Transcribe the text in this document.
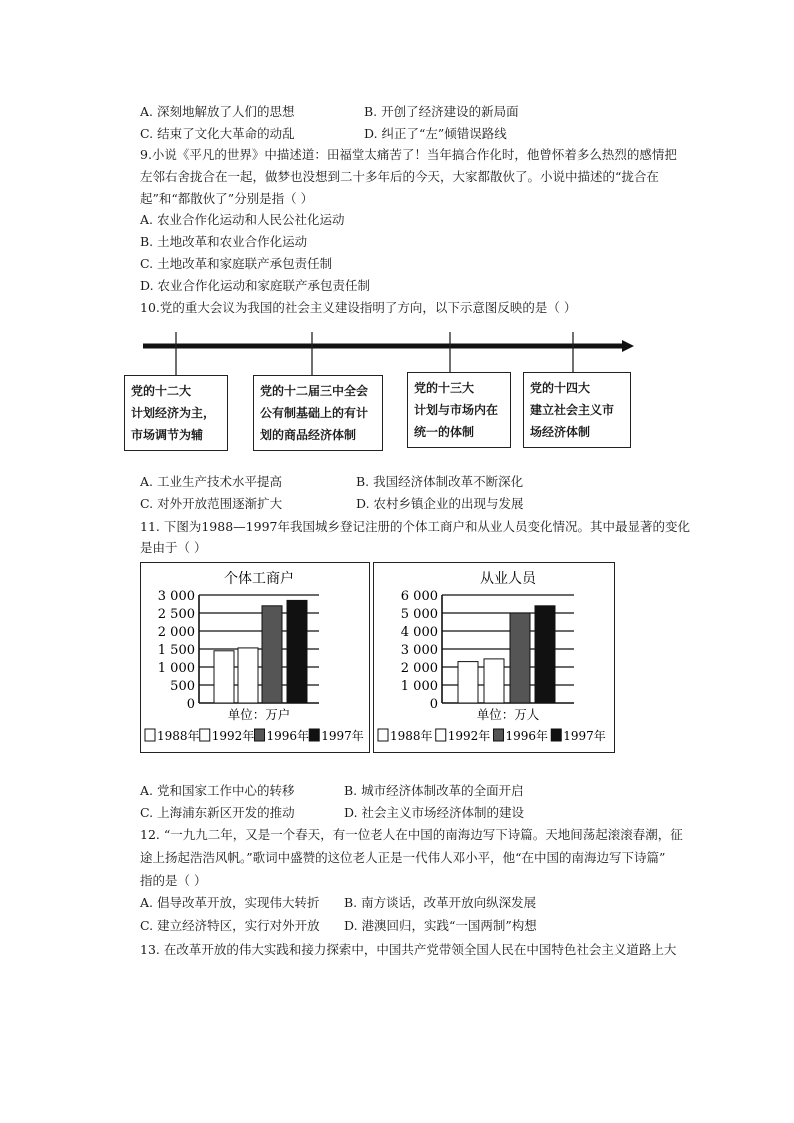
A. 深刻地解放了人们的思想	B. 开创了经济建设的新局面
C. 结束了文化大革命的动乱	D. 纠正了“左”倾错误路线
9.小说《平凡的世界》中描述道：田福堂太痛苦了！当年搞合作化时，他曾怀着多么热烈的感情把
左邻右舍拢合在一起，做梦也没想到二十多年后的今天，大家都散伙了。小说中描述的“拢合在
起”和“都散伙了”分别是指（ ）
A. 农业合作化运动和人民公社化运动
B. 土地改革和农业合作化运动
C. 土地改革和家庭联产承包责任制
D. 农业合作化运动和家庭联产承包责任制
10.党的重大会议为我国的社会主义建设指明了方向，以下示意图反映的是（ ）
党的十二大
计划经济为主，
市场调节为辅
党的十二届三中全会
公有制基础上的有计
划的商品经济体制
党的十三大
计划与市场内在
统一的体制
党的十四大
建立社会主义市
场经济体制
A. 工业生产技术水平提高	B. 我国经济体制改革不断深化
C. 对外开放范围逐渐扩大	D. 农村乡镇企业的出现与发展
11. 下图为1988—1997年我国城乡登记注册的个体工商户和从业人员变化情况。其中最显著的变化
是由于（ ）
个体工商户
3 000
2 500
2 000
1 500
1 000
500
0
单位：万户
1988年 1992年 1996年 1997年
从业人员
6 000
5 000
4 000
3 000
2 000
1 000
0
单位：万人
1988年 1992年 1996年 1997年
A. 党和国家工作中心的转移	B. 城市经济体制改革的全面开启
C. 上海浦东新区开发的推动	D. 社会主义市场经济体制的建设
12. “一九九二年，又是一个春天，有一位老人在中国的南海边写下诗篇。天地间荡起滚滚春潮，征
途上扬起浩浩风帆。”歌词中盛赞的这位老人正是一代伟人邓小平，他“在中国的南海边写下诗篇”
指的是（ ）
A. 倡导改革开放，实现伟大转折 B. 南方谈话，改革开放向纵深发展
C. 建立经济特区，实行对外开放 D. 港澳回归，实践“一国两制”构想
13. 在改革开放的伟大实践和接力探索中，中国共产党带领全国人民在中国特色社会主义道路上大
